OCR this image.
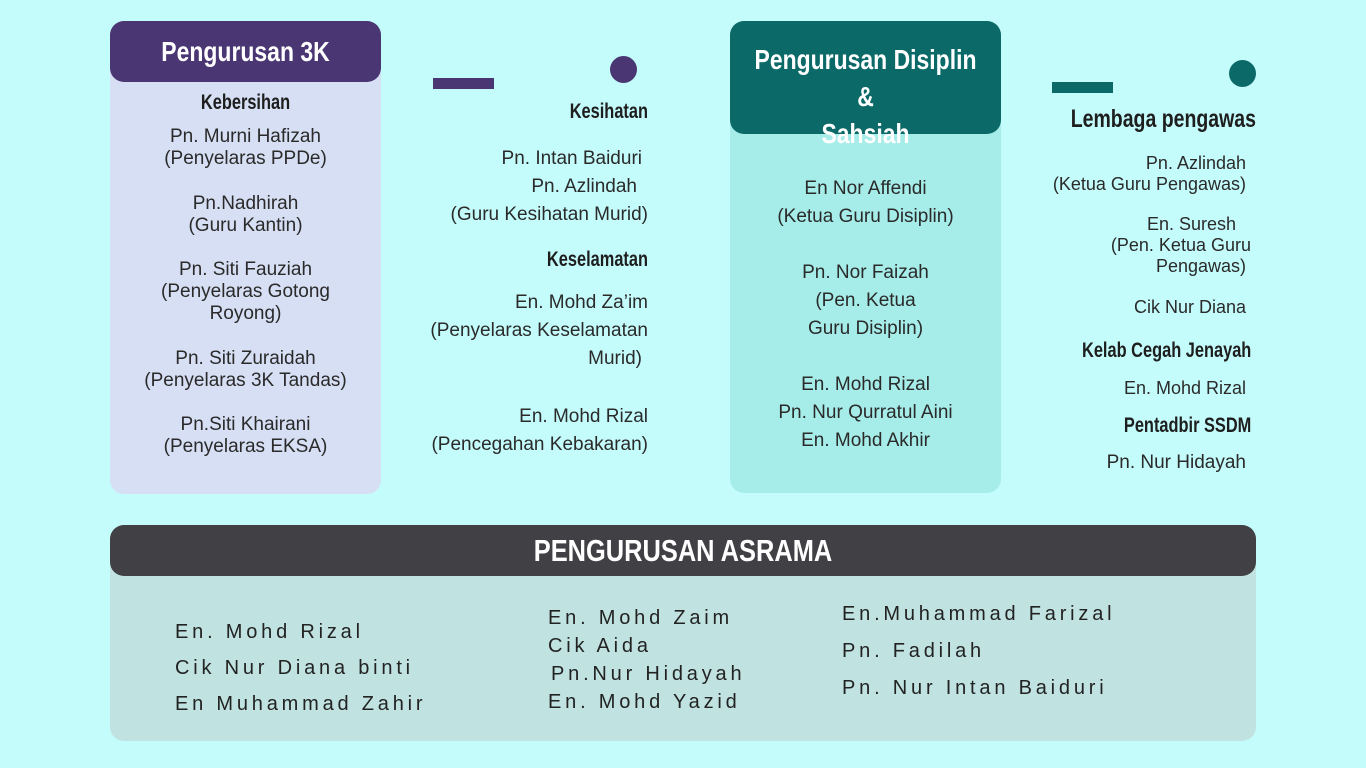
Kebersihan
Pn. Murni Hafizah
(Penyelaras PPDe)
Pn.Nadhirah
(Guru Kantin)
Pn. Siti Fauziah
(Penyelaras Gotong
Royong)
Pn. Siti Zuraidah
(Penyelaras 3K Tandas)
Pn.Siti Khairani
(Penyelaras EKSA)
Pengurusan 3K
Kesihatan
Pn. Intan Baiduri
Pn. Azlindah
(Guru Kesihatan Murid)
Keselamatan
En. Mohd Za’im
(Penyelaras Keselamatan
Murid)
En. Mohd Rizal
(Pencegahan Kebakaran)
En Nor Affendi
(Ketua Guru Disiplin)
Pn. Nor Faizah
(Pen. Ketua
Guru Disiplin)
En. Mohd Rizal
Pn. Nur Qurratul Aini
En. Mohd Akhir
Pengurusan Disiplin &
Sahsiah	Lembaga pengawas
Pn. Azlindah
(Ketua Guru Pengawas)
En. Suresh
(Pen. Ketua Guru
Pengawas)
Cik Nur Diana
Kelab Cegah Jenayah
En. Mohd Rizal
Pentadbir SSDM
Pn. Nur Hidayah
En. Mohd Rizal
Cik Nur Diana binti
En Muhammad Zahir
En. Mohd Zaim
Cik Aida
Pn.Nur Hidayah
En. Mohd Yazid
En.Muhammad Farizal
Pn. Fadilah
Pn. Nur Intan Baiduri
PENGURUSAN ASRAMA
